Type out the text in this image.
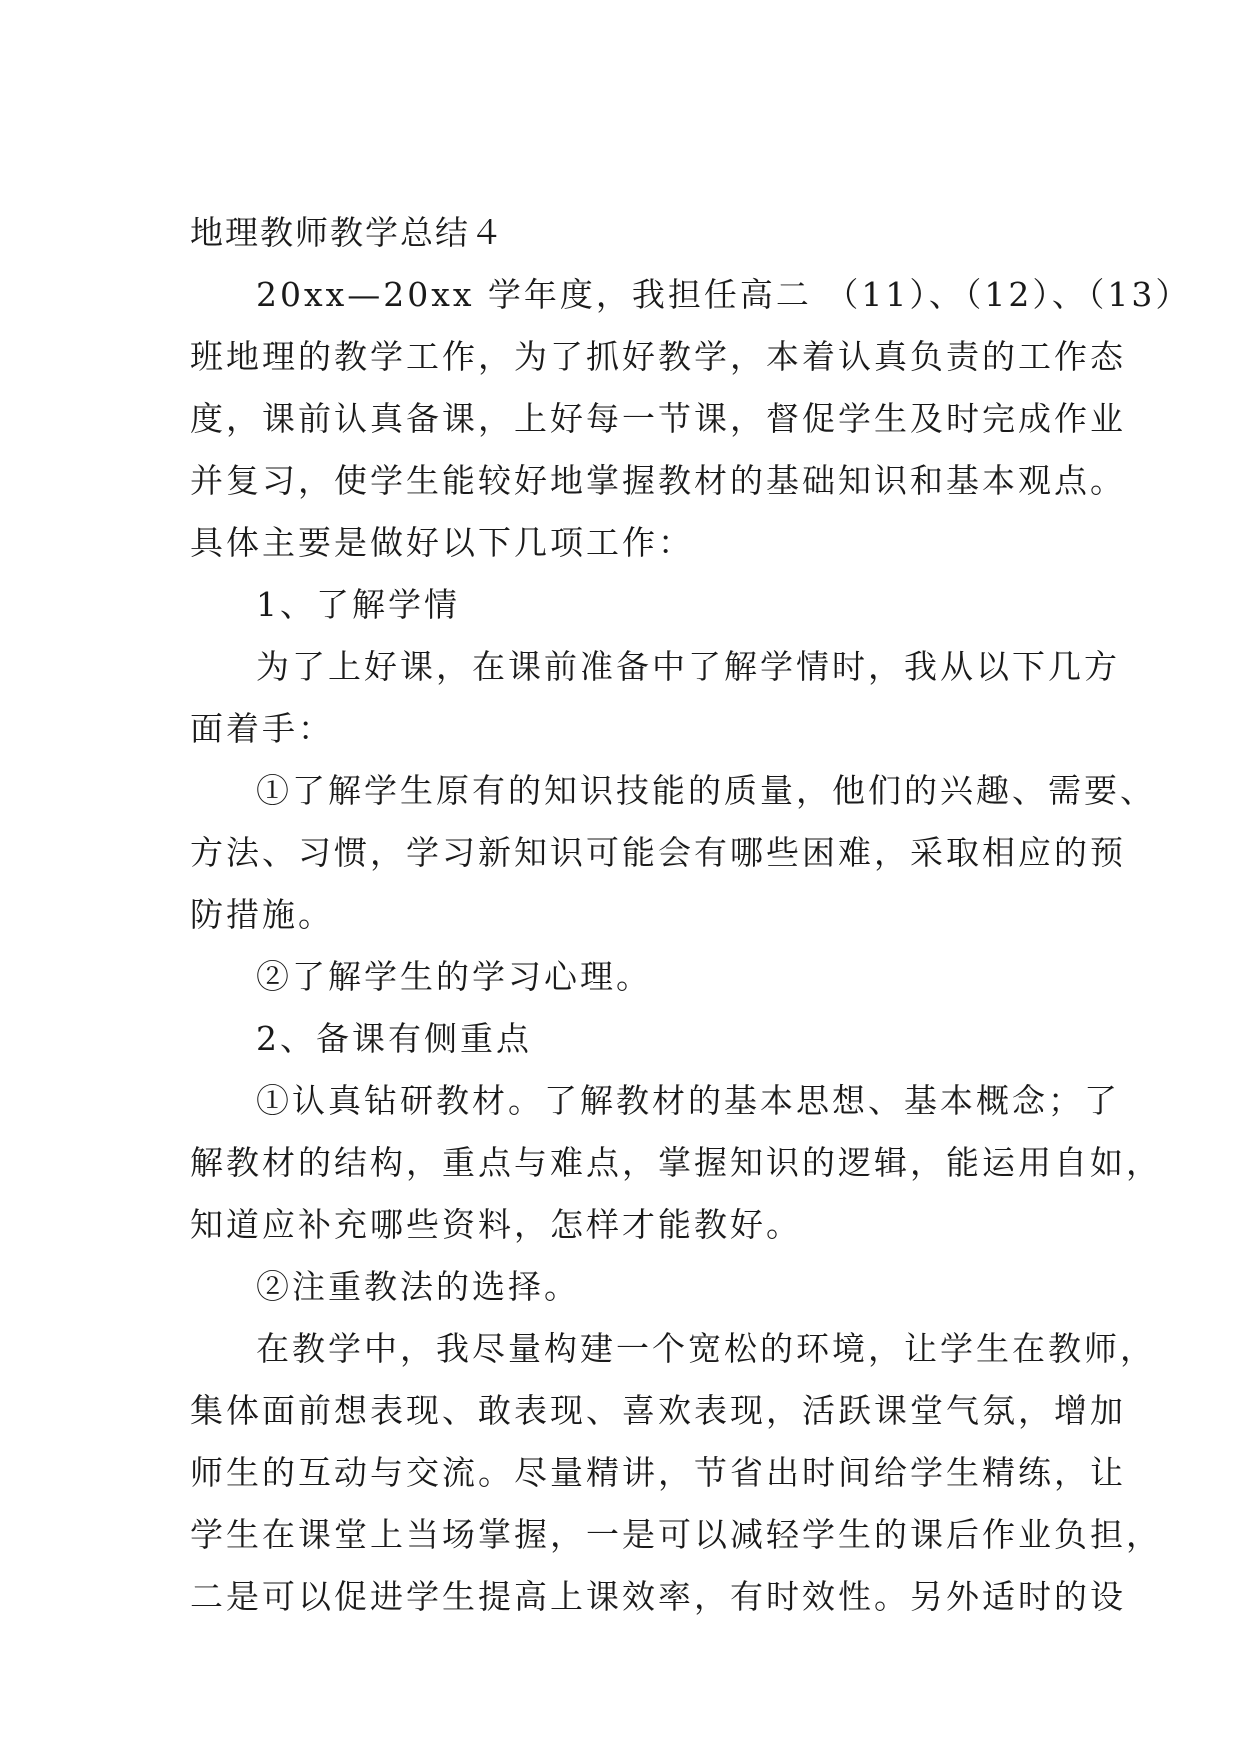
地理教师教学总结４

20xx—20xx 学年度，我担任高二 （11）、（12）、（13）
班地理的教学工作，为了抓好教学，本着认真负责的工作态
度，课前认真备课，上好每一节课，督促学生及时完成作业
并复习，使学生能较好地掌握教材的基础知识和基本观点。
具体主要是做好以下几项工作：

1、了解学情

为了上好课，在课前准备中了解学情时，我从以下几方
面着手：

①了解学生原有的知识技能的质量，他们的兴趣、需要、
方法、习惯，学习新知识可能会有哪些困难，采取相应的预
防措施。

②了解学生的学习心理。

2、备课有侧重点

①认真钻研教材。了解教材的基本思想、基本概念；了
解教材的结构，重点与难点，掌握知识的逻辑，能运用自如，
知道应补充哪些资料，怎样才能教好。

②注重教法的选择。

在教学中，我尽量构建一个宽松的环境，让学生在教师，
集体面前想表现、敢表现、喜欢表现，活跃课堂气氛，增加
师生的互动与交流。尽量精讲，节省出时间给学生精练，让
学生在课堂上当场掌握，一是可以减轻学生的课后作业负担，
二是可以促进学生提高上课效率，有时效性。另外适时的设
